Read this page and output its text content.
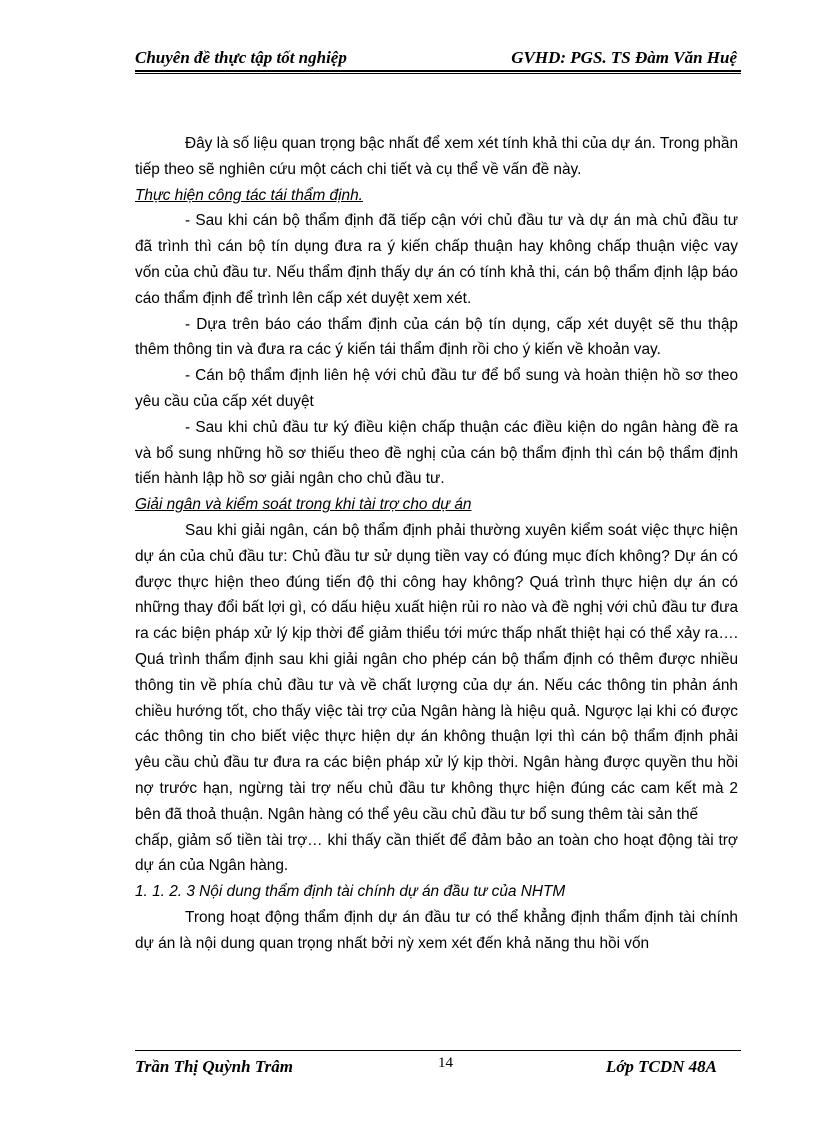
Chuyên đề thực tập tốt nghiệp	GVHD: PGS. TS Đàm Văn Huệ

Đây là số liệu quan trọng bậc nhất để xem xét tính khả thi của dự án. Trong phần tiếp theo sẽ nghiên cứu một cách chi tiết và cụ thể về vấn đề này.

Thực hiện công tác tái thẩm định.

- Sau khi cán bộ thẩm định đã tiếp cận với chủ đầu tư và dự án mà chủ đầu tư đã trình thì cán bộ tín dụng đưa ra ý kiến chấp thuận hay không chấp thuận việc vay vốn của chủ đầu tư. Nếu thẩm định thấy dự án có tính khả thi, cán bộ thẩm định lập báo cáo thẩm định để trình lên cấp xét duyệt xem xét.

- Dựa trên báo cáo thẩm định của cán bộ tín dụng, cấp xét duyệt sẽ thu thập thêm thông tin và đưa ra các ý kiến tái thẩm định rồi cho ý kiến về khoản vay.

- Cán bộ thẩm định liên hệ với chủ đầu tư để bổ sung và hoàn thiện hồ sơ theo yêu cầu của cấp xét duyệt

- Sau khi chủ đầu tư ký điều kiện chấp thuận các điều kiện do ngân hàng đề ra và bổ sung những hồ sơ thiếu theo đề nghị của cán bộ thẩm định thì cán bộ thẩm định tiến hành lập hồ sơ giải ngân cho chủ đầu tư.

Giải ngân và kiểm soát trong khi tài trợ cho dự án

Sau khi giải ngân, cán bộ thẩm định phải thường xuyên kiểm soát việc thực hiện dự án của chủ đầu tư: Chủ đầu tư sử dụng tiền vay có đúng mục đích không? Dự án có được thực hiện theo đúng tiến độ thi công hay không? Quá trình thực hiện dự án có những thay đổi bất lợi gì, có dấu hiệu xuất hiện rủi ro nào và đề nghị với chủ đầu tư đưa ra các biện pháp xử lý kịp thời để giảm thiểu tới mức thấp nhất thiệt hại có thể xảy ra…. Quá trình thẩm định sau khi giải ngân cho phép cán bộ thẩm định có thêm được nhiều thông tin về phía chủ đầu tư và về chất lượng của dự án. Nếu các thông tin phản ánh chiều hướng tốt, cho thấy việc tài trợ của Ngân hàng là hiệu quả. Ngược lại khi có được các thông tin cho biết việc thực hiện dự án không thuận lợi thì cán bộ thẩm định phải yêu cầu chủ đầu tư đưa ra các biện pháp xử lý kịp thời. Ngân hàng được quyền thu hồi nợ trước hạn, ngừng tài trợ nếu chủ đầu tư không thực hiện đúng các cam kết mà 2 bên đã thoả thuận. Ngân hàng có thể yêu cầu chủ đầu tư bổ sung thêm tài sản thế

chấp, giảm số tiền tài trợ… khi thấy cần thiết để đảm bảo an toàn cho hoạt động tài trợ dự án của Ngân hàng.

1. 1. 2. 3 Nội dung thẩm định tài chính dự án đầu tư của NHTM

Trong hoạt động thẩm định dự án đầu tư có thể khẳng định thẩm định tài chính dự án là nội dung quan trọng nhất bởi nỳ xem xét đến khả năng thu hồi vốn

Trần Thị Quỳnh Trâm	14	Lớp TCDN 48A
